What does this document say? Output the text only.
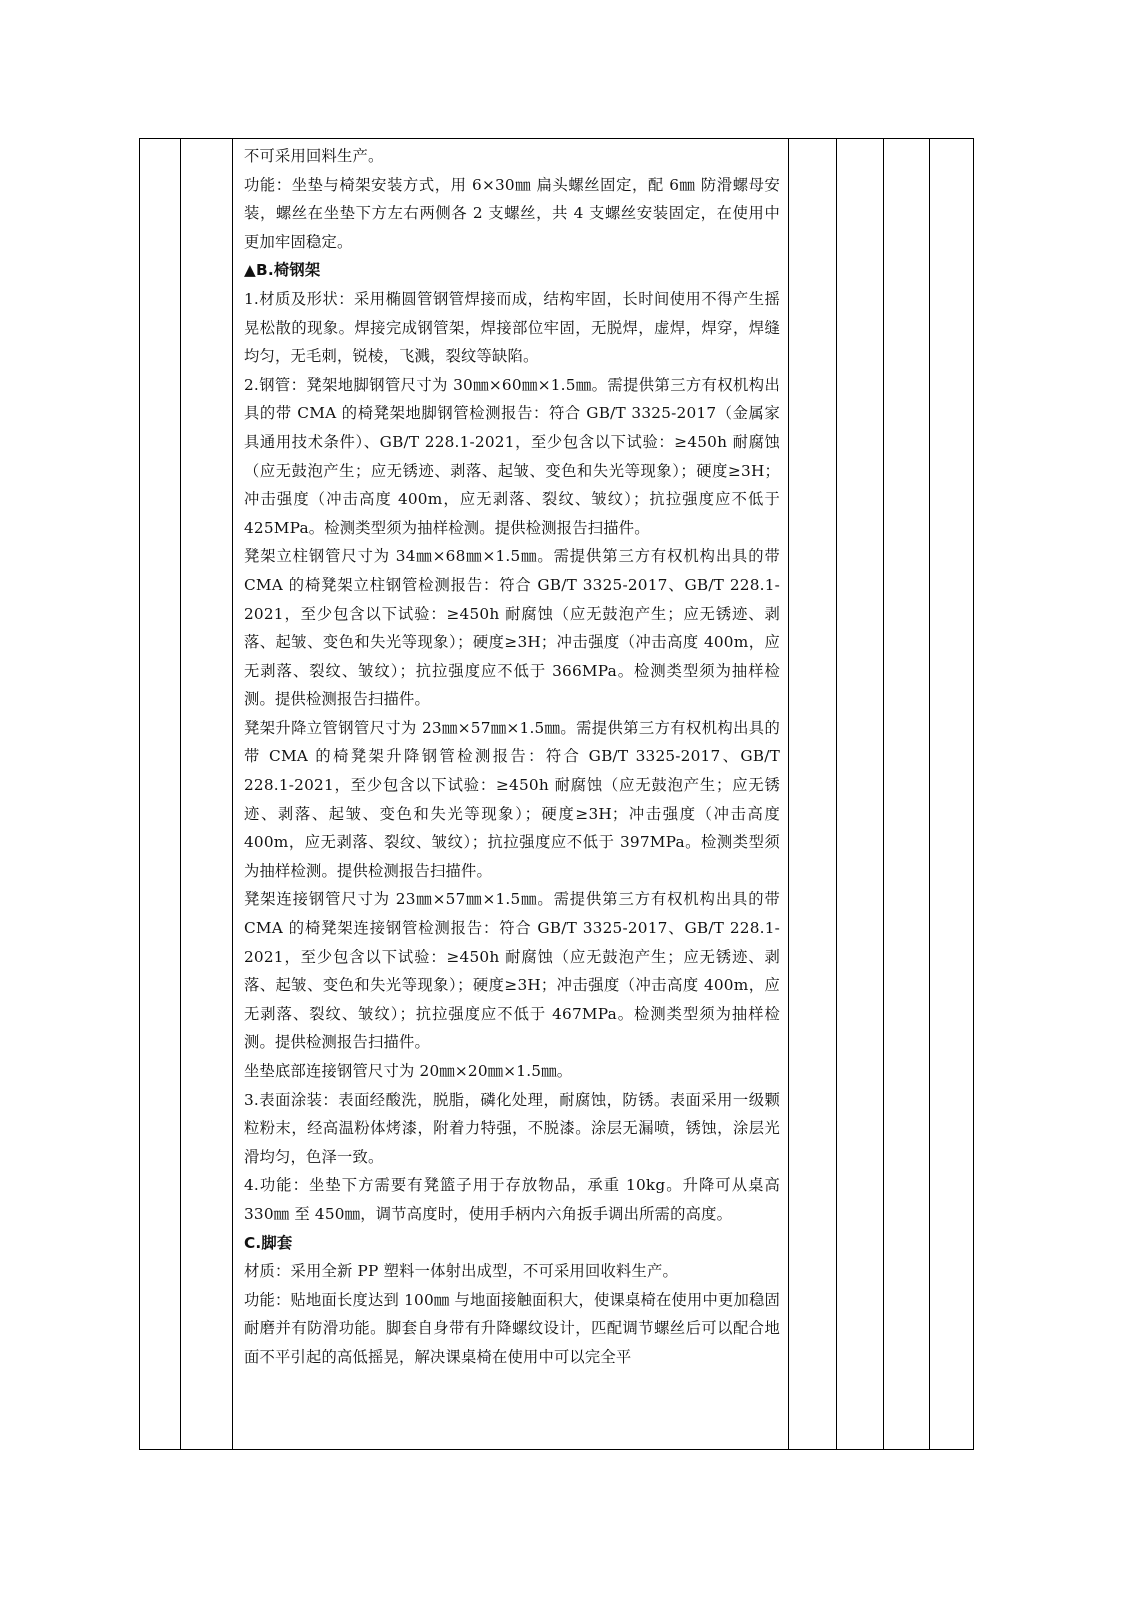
不可采用回料生产。

功能：坐垫与椅架安装方式，用 6×30㎜ 扁头螺丝固定，配 6㎜ 防滑螺母安装，螺丝在坐垫下方左右两侧各 2 支螺丝，共 4 支螺丝安装固定，在使用中更加牢固稳定。

▲B.椅钢架

1.材质及形状：采用椭圆管钢管焊接而成，结构牢固，长时间使用不得产生摇晃松散的现象。焊接完成钢管架，焊接部位牢固，无脱焊，虚焊，焊穿，焊缝均匀，无毛刺，锐棱，飞溅，裂纹等缺陷。

2.钢管：凳架地脚钢管尺寸为 30㎜×60㎜×1.5㎜。需提供第三方有权机构出具的带 CMA 的椅凳架地脚钢管检测报告：符合 GB/T 3325-2017（金属家具通用技术条件）、GB/T 228.1-2021，至少包含以下试验：≥450h 耐腐蚀（应无鼓泡产生；应无锈迹、剥落、起皱、变色和失光等现象）；硬度≥3H；冲击强度（冲击高度 400m，应无剥落、裂纹、皱纹）；抗拉强度应不低于 425MPa。检测类型须为抽样检测。提供检测报告扫描件。

凳架立柱钢管尺寸为 34㎜×68㎜×1.5㎜。需提供第三方有权机构出具的带 CMA 的椅凳架立柱钢管检测报告：符合 GB/T 3325-2017、GB/T 228.1-2021，至少包含以下试验：≥450h 耐腐蚀（应无鼓泡产生；应无锈迹、剥落、起皱、变色和失光等现象）；硬度≥3H；冲击强度（冲击高度 400m，应无剥落、裂纹、皱纹）；抗拉强度应不低于 366MPa。检测类型须为抽样检测。提供检测报告扫描件。

凳架升降立管钢管尺寸为 23㎜×57㎜×1.5㎜。需提供第三方有权机构出具的带 CMA 的椅凳架升降钢管检测报告：符合 GB/T 3325-2017、GB/T 228.1-2021，至少包含以下试验：≥450h 耐腐蚀（应无鼓泡产生；应无锈迹、剥落、起皱、变色和失光等现象）；硬度≥3H；冲击强度（冲击高度 400m，应无剥落、裂纹、皱纹）；抗拉强度应不低于 397MPa。检测类型须为抽样检测。提供检测报告扫描件。

凳架连接钢管尺寸为 23㎜×57㎜×1.5㎜。需提供第三方有权机构出具的带 CMA 的椅凳架连接钢管检测报告：符合 GB/T 3325-2017、GB/T 228.1-2021，至少包含以下试验：≥450h 耐腐蚀（应无鼓泡产生；应无锈迹、剥落、起皱、变色和失光等现象）；硬度≥3H；冲击强度（冲击高度 400m，应无剥落、裂纹、皱纹）；抗拉强度应不低于 467MPa。检测类型须为抽样检测。提供检测报告扫描件。

坐垫底部连接钢管尺寸为 20㎜×20㎜×1.5㎜。

3.表面涂装：表面经酸洗，脱脂，磷化处理，耐腐蚀，防锈。表面采用一级颗粒粉末，经高温粉体烤漆，附着力特强，不脱漆。涂层无漏喷，锈蚀，涂层光滑均匀，色泽一致。

4.功能：坐垫下方需要有凳篮子用于存放物品，承重 10kg。升降可从桌高 330㎜ 至 450㎜，调节高度时，使用手柄内六角扳手调出所需的高度。

C.脚套

材质：采用全新 PP 塑料一体射出成型，不可采用回收料生产。

功能：贴地面长度达到 100㎜ 与地面接触面积大，使课桌椅在使用中更加稳固耐磨并有防滑功能。脚套自身带有升降螺纹设计，匹配调节螺丝后可以配合地面不平引起的高低摇晃，解决课桌椅在使用中可以完全平
